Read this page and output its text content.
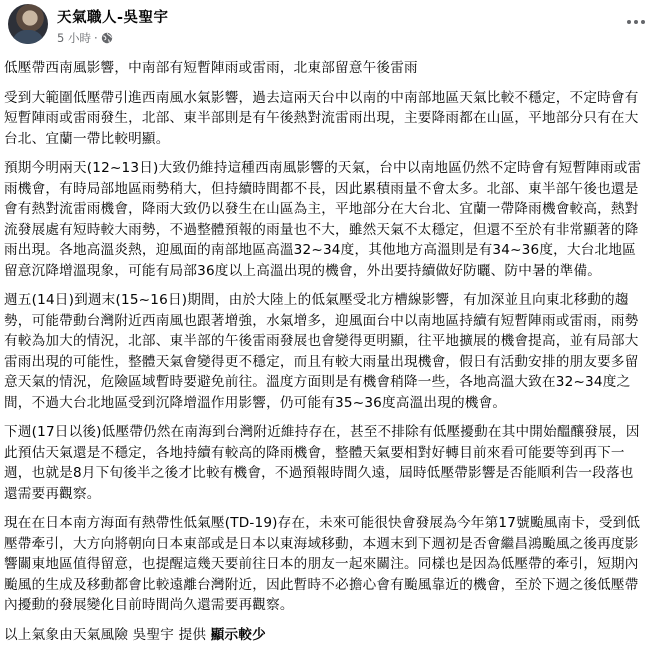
天氣職人-吳聖宇
5 小時 ·

低壓帶西南風影響，中南部有短暫陣雨或雷雨，北東部留意午後雷雨

受到大範圍低壓帶引進西南風水氣影響，過去這兩天台中以南的中南部地區天氣比較不穩定，不定時會有短暫陣雨或雷雨發生，北部、東半部則是有午後熱對流雷雨出現，主要降雨都在山區，平地部分只有在大台北、宜蘭一帶比較明顯。

預期今明兩天(12~13日)大致仍維持這種西南風影響的天氣，台中以南地區仍然不定時會有短暫陣雨或雷雨機會，有時局部地區雨勢稍大，但持續時間都不長，因此累積雨量不會太多。北部、東半部午後也還是會有熱對流雷雨機會，降雨大致仍以發生在山區為主，平地部分在大台北、宜蘭一帶降雨機會較高，熱對流發展處有短時較大雨勢，不過整體預報的雨量也不大，雖然天氣不太穩定，但還不至於有非常顯著的降雨出現。各地高溫炎熱，迎風面的南部地區高溫32~34度，其他地方高溫則是有34~36度，大台北地區留意沉降增溫現象，可能有局部36度以上高溫出現的機會，外出要持續做好防曬、防中暑的準備。

週五(14日)到週末(15~16日)期間，由於大陸上的低氣壓受北方槽線影響，有加深並且向東北移動的趨勢，可能帶動台灣附近西南風也跟著增強，水氣增多，迎風面台中以南地區持續有短暫陣雨或雷雨，雨勢有較為加大的情況，北部、東半部的午後雷雨發展也會變得更明顯，往平地擴展的機會提高，並有局部大雷雨出現的可能性，整體天氣會變得更不穩定，而且有較大雨量出現機會，假日有活動安排的朋友要多留意天氣的情況，危險區域暫時要避免前往。溫度方面則是有機會稍降一些，各地高溫大致在32~34度之間，不過大台北地區受到沉降增溫作用影響，仍可能有35~36度高溫出現的機會。

下週(17日以後)低壓帶仍然在南海到台灣附近維持存在，甚至不排除有低壓擾動在其中開始醞釀發展，因此預估天氣還是不穩定，各地持續有較高的降雨機會，整體天氣要相對好轉目前來看可能要等到再下一週，也就是8月下旬後半之後才比較有機會，不過預報時間久遠，屆時低壓帶影響是否能順利告一段落也還需要再觀察。

現在在日本南方海面有熱帶性低氣壓(TD-19)存在，未來可能很快會發展為今年第17號颱風南卡，受到低壓帶牽引，大方向將朝向日本東部或是日本以東海域移動，本週末到下週初是否會繼昌鴻颱風之後再度影響關東地區值得留意，也提醒這幾天要前往日本的朋友一起來關注。同樣也是因為低壓帶的牽引，短期內颱風的生成及移動都會比較遠離台灣附近，因此暫時不必擔心會有颱風靠近的機會，至於下週之後低壓帶內擾動的發展變化目前時間尚久還需要再觀察。

以上氣象由天氣風險 吳聖宇 提供 顯示較少
